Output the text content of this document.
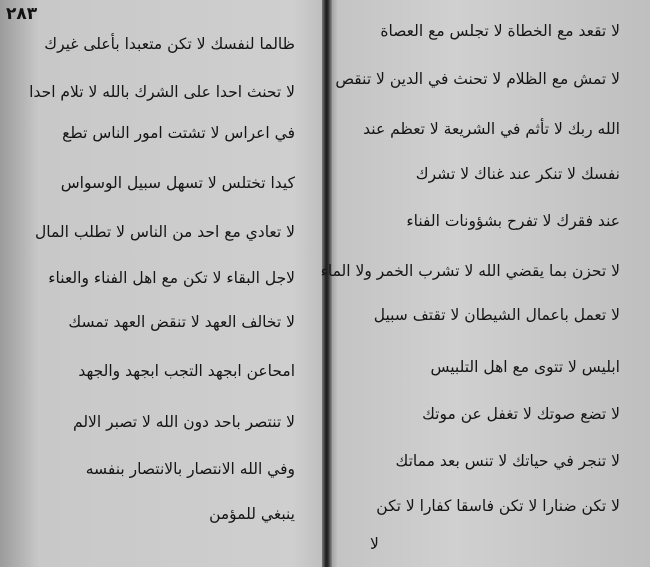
٢٨٣
ظالما لنفسك لا تكن متعبدا بأعلى غيرك
لا تحنث احدا على الشرك بالله لا تلام احدا
في اعراس لا تشتت امور الناس تطع
كيدا تختلس لا تسهل سبيل الوسواس
لا تعادي مع احد من الناس لا تطلب المال
لاجل البقاء لا تكن مع اهل الفناء والعناء
لا تخالف العهد لا تنقض العهد تمسك
امحاعن ابجهد التجب ابجهد والجهد
لا تنتصر باحد دون الله لا تصبر الالم
وفي الله الانتصار بالانتصار بنفسه
ينبغي للمؤمن
لا تقعد مع الخطاة لا تجلس مع العصاة
لا تمش مع الظلام لا تحنث في الدين لا تنقص
الله ربك لا تأثم في الشريعة لا تعظم عند
نفسك لا تنكر عند غناك لا تشرك
عند فقرك لا تفرح بشؤونات الفناء
لا تحزن بما يقضي الله لا تشرب الخمر ولا الماء
لا تعمل باعمال الشيطان لا تقتف سبيل
ابليس لا تتوى مع اهل التلبيس
لا تضع صوتك لا تغفل عن موتك
لا تنجر في حياتك لا تنس بعد مماتك
لا تكن ضنارا لا تكن فاسقا كفارا لا تكن
لا
